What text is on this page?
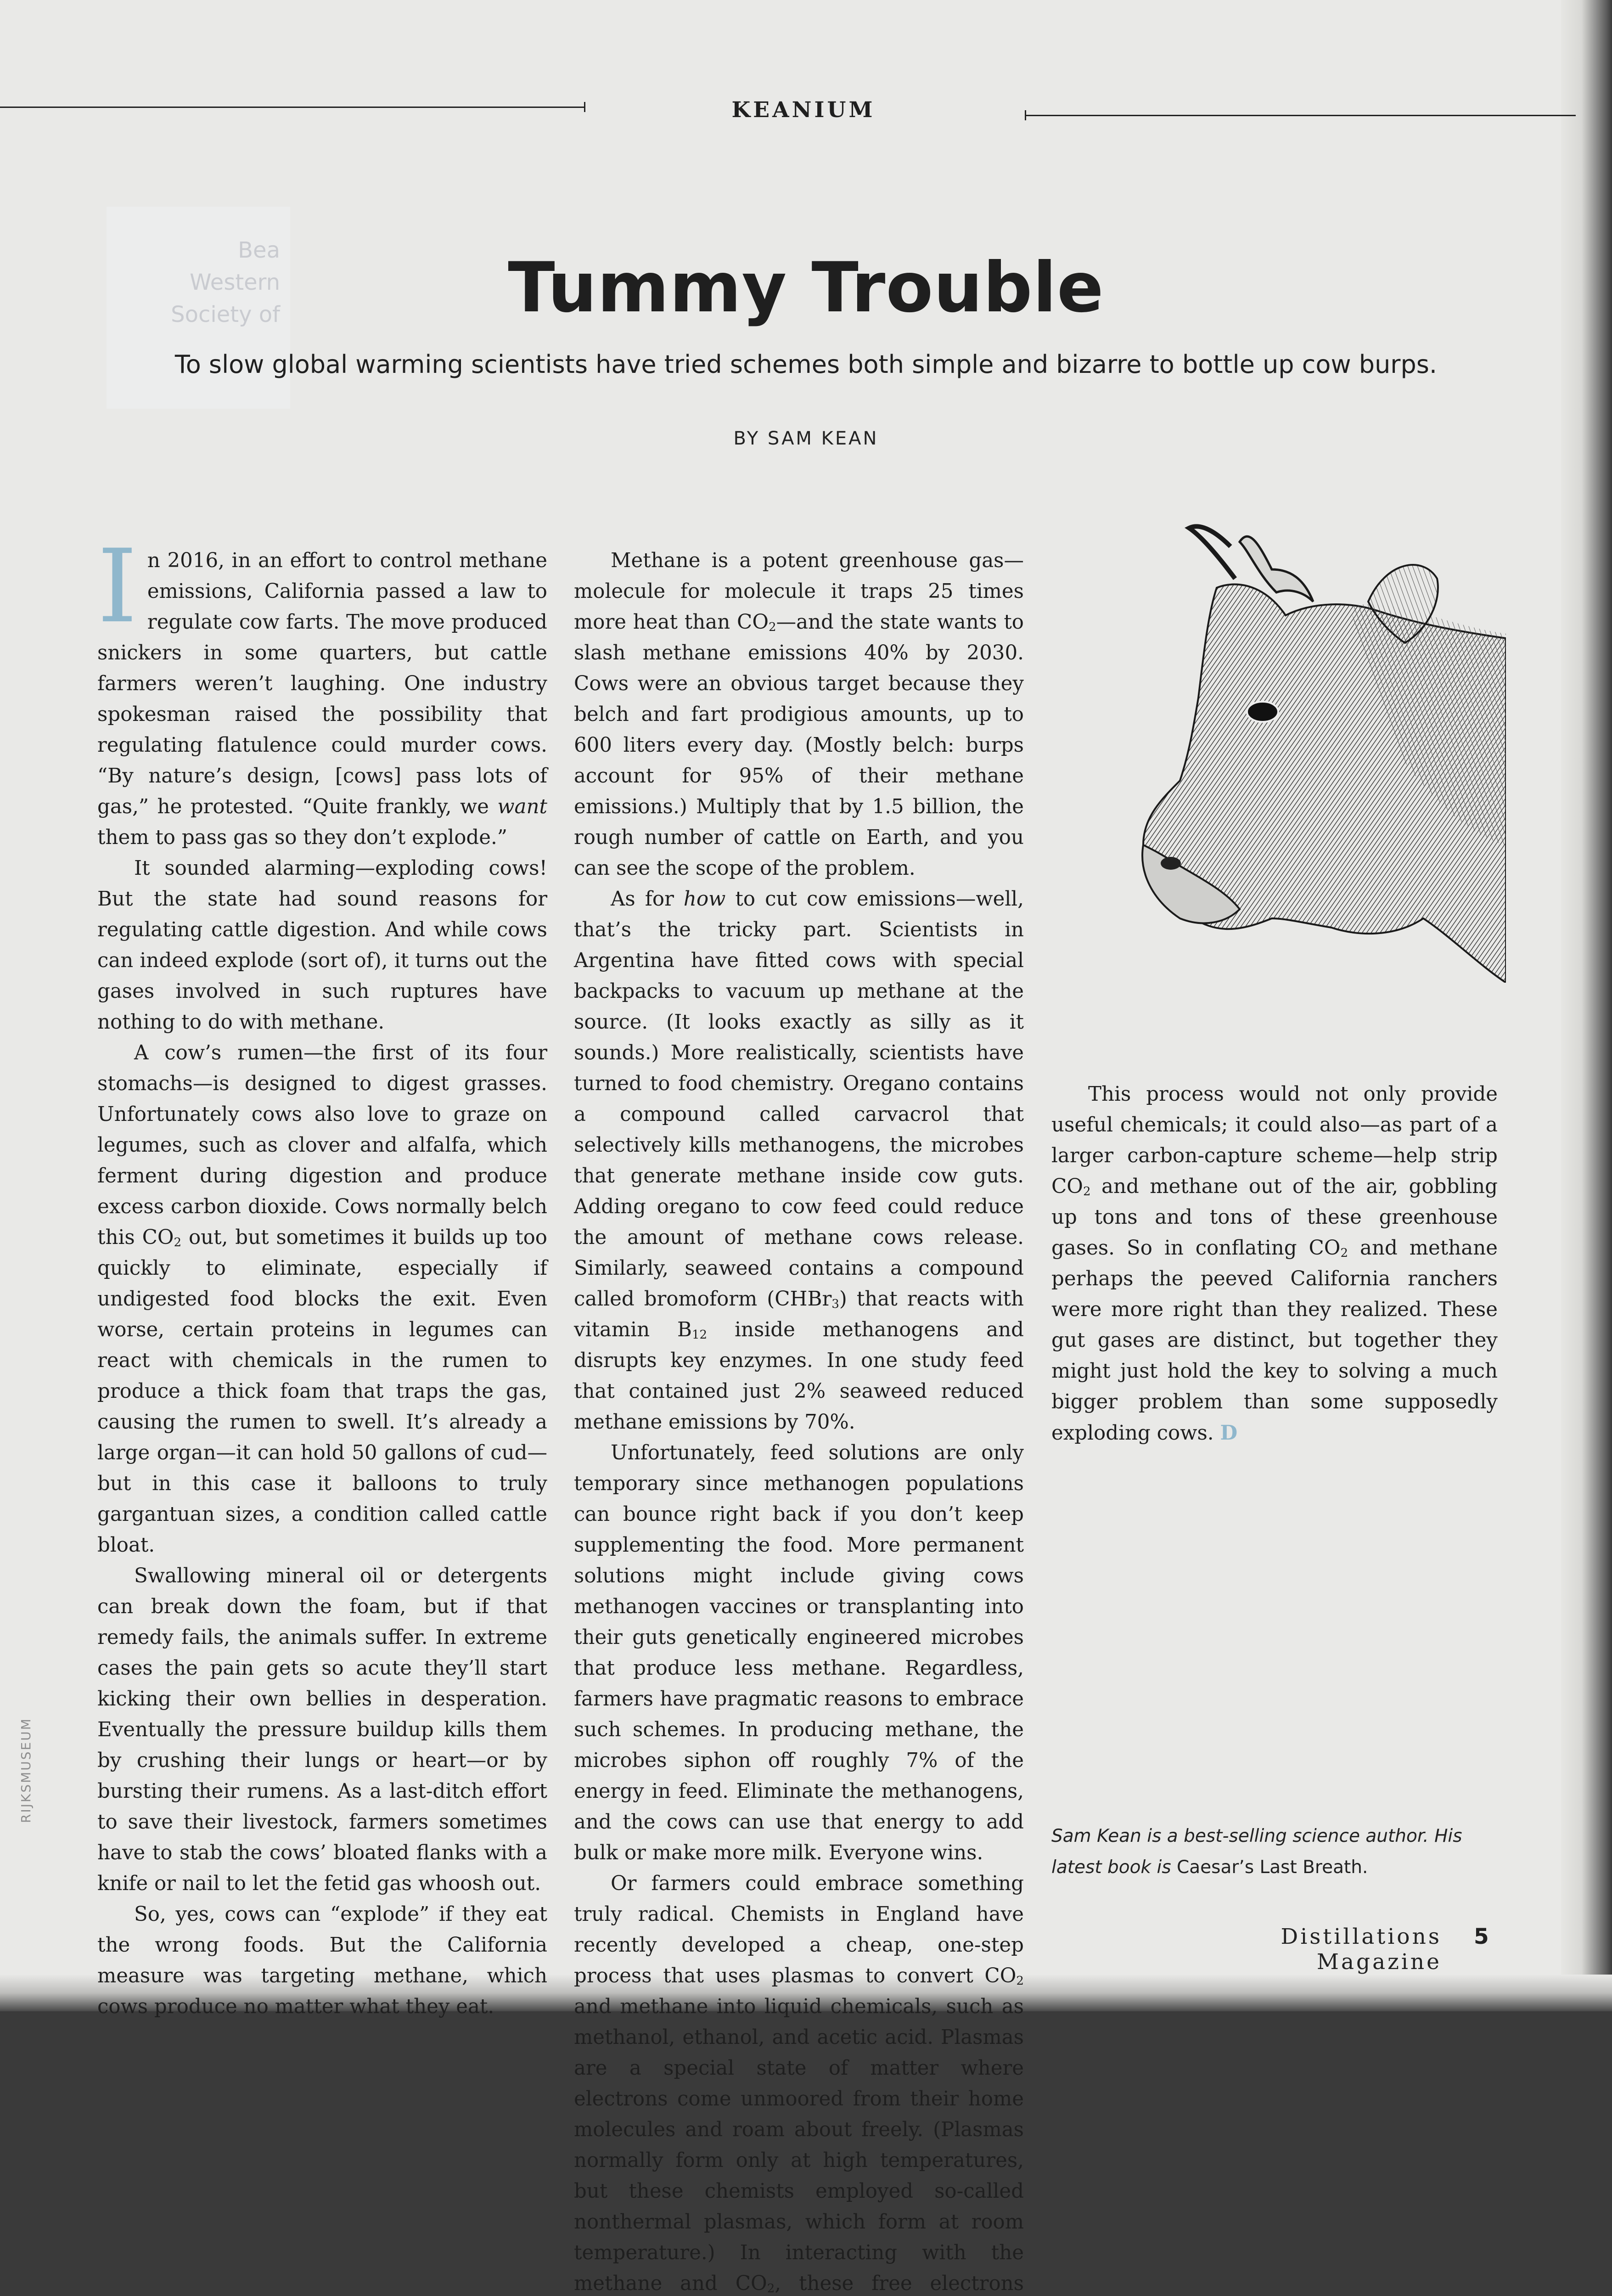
KEANIUM
Bea
Western
Society of	Tummy Trouble
To slow global warming scientists have tried schemes both simple and bizarre to bottle up cow burps.
BY SAM KEAN

In 2016, in an effort to control methane emissions, California passed a law to regulate cow farts. The move produced snickers in some quarters, but cattle farmers weren’t laughing. One industry spokesman raised the possibility that regulating flatulence could murder cows. “By nature’s design, [cows] pass lots of gas,” he protested. “Quite frankly, we want them to pass gas so they don’t explode.”

It sounded alarming—exploding cows! But the state had sound reasons for regulating cattle digestion. And while cows can indeed explode (sort of), it turns out the gases involved in such ruptures have nothing to do with methane.

A cow’s rumen—the first of its four stomachs—is designed to digest grasses. Unfortunately cows also love to graze on legumes, such as clover and alfalfa, which ferment during digestion and produce excess carbon dioxide. Cows normally belch this $CO_2$ out, but sometimes it builds up too quickly to eliminate, especially if undigested food blocks the exit. Even worse, certain proteins in legumes can react with chemicals in the rumen to produce a thick foam that traps the gas, causing the rumen to swell. It’s already a large organ—it can hold 50 gallons of cud—but in this case it balloons to truly gargantuan sizes, a condition called cattle bloat.

Swallowing mineral oil or detergents can break down the foam, but if that remedy fails, the animals suffer. In extreme cases the pain gets so acute they’ll start kicking their own bellies in desperation. Eventually the pressure buildup kills them by crushing their lungs or heart—or by bursting their rumens. As a last-ditch effort to save their livestock, farmers sometimes have to stab the cows’ bloated flanks with a knife or nail to let the fetid gas whoosh out.

So, yes, cows can “explode” if they eat the wrong foods. But the California measure was targeting methane, which cows produce no matter what they eat.

Methane is a potent greenhouse gas—molecule for molecule it traps 25 times more heat than $CO_2—and$ the state wants to slash methane emissions 40% by 2030. Cows were an obvious target because they belch and fart prodigious amounts, up to 600 liters every day. (Mostly belch: burps account for 95% of their methane emissions.) Multiply that by 1.5 billion, the rough number of cattle on Earth, and you can see the scope of the problem.

As for how to cut cow emissions—well, that’s the tricky part. Scientists in Argentina have fitted cows with special backpacks to vacuum up methane at the source. (It looks exactly as silly as it sounds.) More realistically, scientists have turned to food chemistry. Oregano contains a compound called carvacrol that selectively kills methanogens, the microbes that generate methane inside cow guts. Adding oregano to cow feed could reduce the amount of methane cows release. Similarly, seaweed contains a compound called bromoform (CHBr$_3$) that reacts with vitamin $B_{12}$ inside methanogens and disrupts key enzymes. In one study feed that contained just 2% seaweed reduced methane emissions by 70%.

Unfortunately, feed solutions are only temporary since methanogen populations can bounce right back if you don’t keep supplementing the food. More permanent solutions might include giving cows methanogen vaccines or transplanting into their guts genetically engineered microbes that produce less methane. Regardless, farmers have pragmatic reasons to embrace such schemes. In producing methane, the microbes siphon off roughly 7% of the energy in feed. Eliminate the methanogens, and the cows can use that energy to add bulk or make more milk. Everyone wins.

Or farmers could embrace something truly radical. Chemists in England have recently developed a cheap, one-step process that uses plasmas to convert $CO_2$ and methane into liquid chemicals, such as methanol, ethanol, and acetic acid. Plasmas are a special state of matter where electrons come unmoored from their home molecules and roam about freely. (Plasmas normally form only at high temperatures, but these chemists employed so-called nonthermal plasmas, which form at room temperature.) In interacting with the methane and $CO_2$, these free electrons

This process would not only provide useful chemicals; it could also—as part of a larger carbon-capture scheme—help strip $CO_2$ and methane out of the air, gobbling up tons and tons of these greenhouse gases. So in conflating $CO_2$ and methane perhaps the peeved California ranchers were more right than they realized. These gut gases are distinct, but together they might just hold the key to solving a much bigger problem than some supposedly exploding cows. D

Sam Kean is a best-selling science author. His latest book is Caesar’s Last Breath.
Distillations Magazine
5
RIJKSMUSEUM
